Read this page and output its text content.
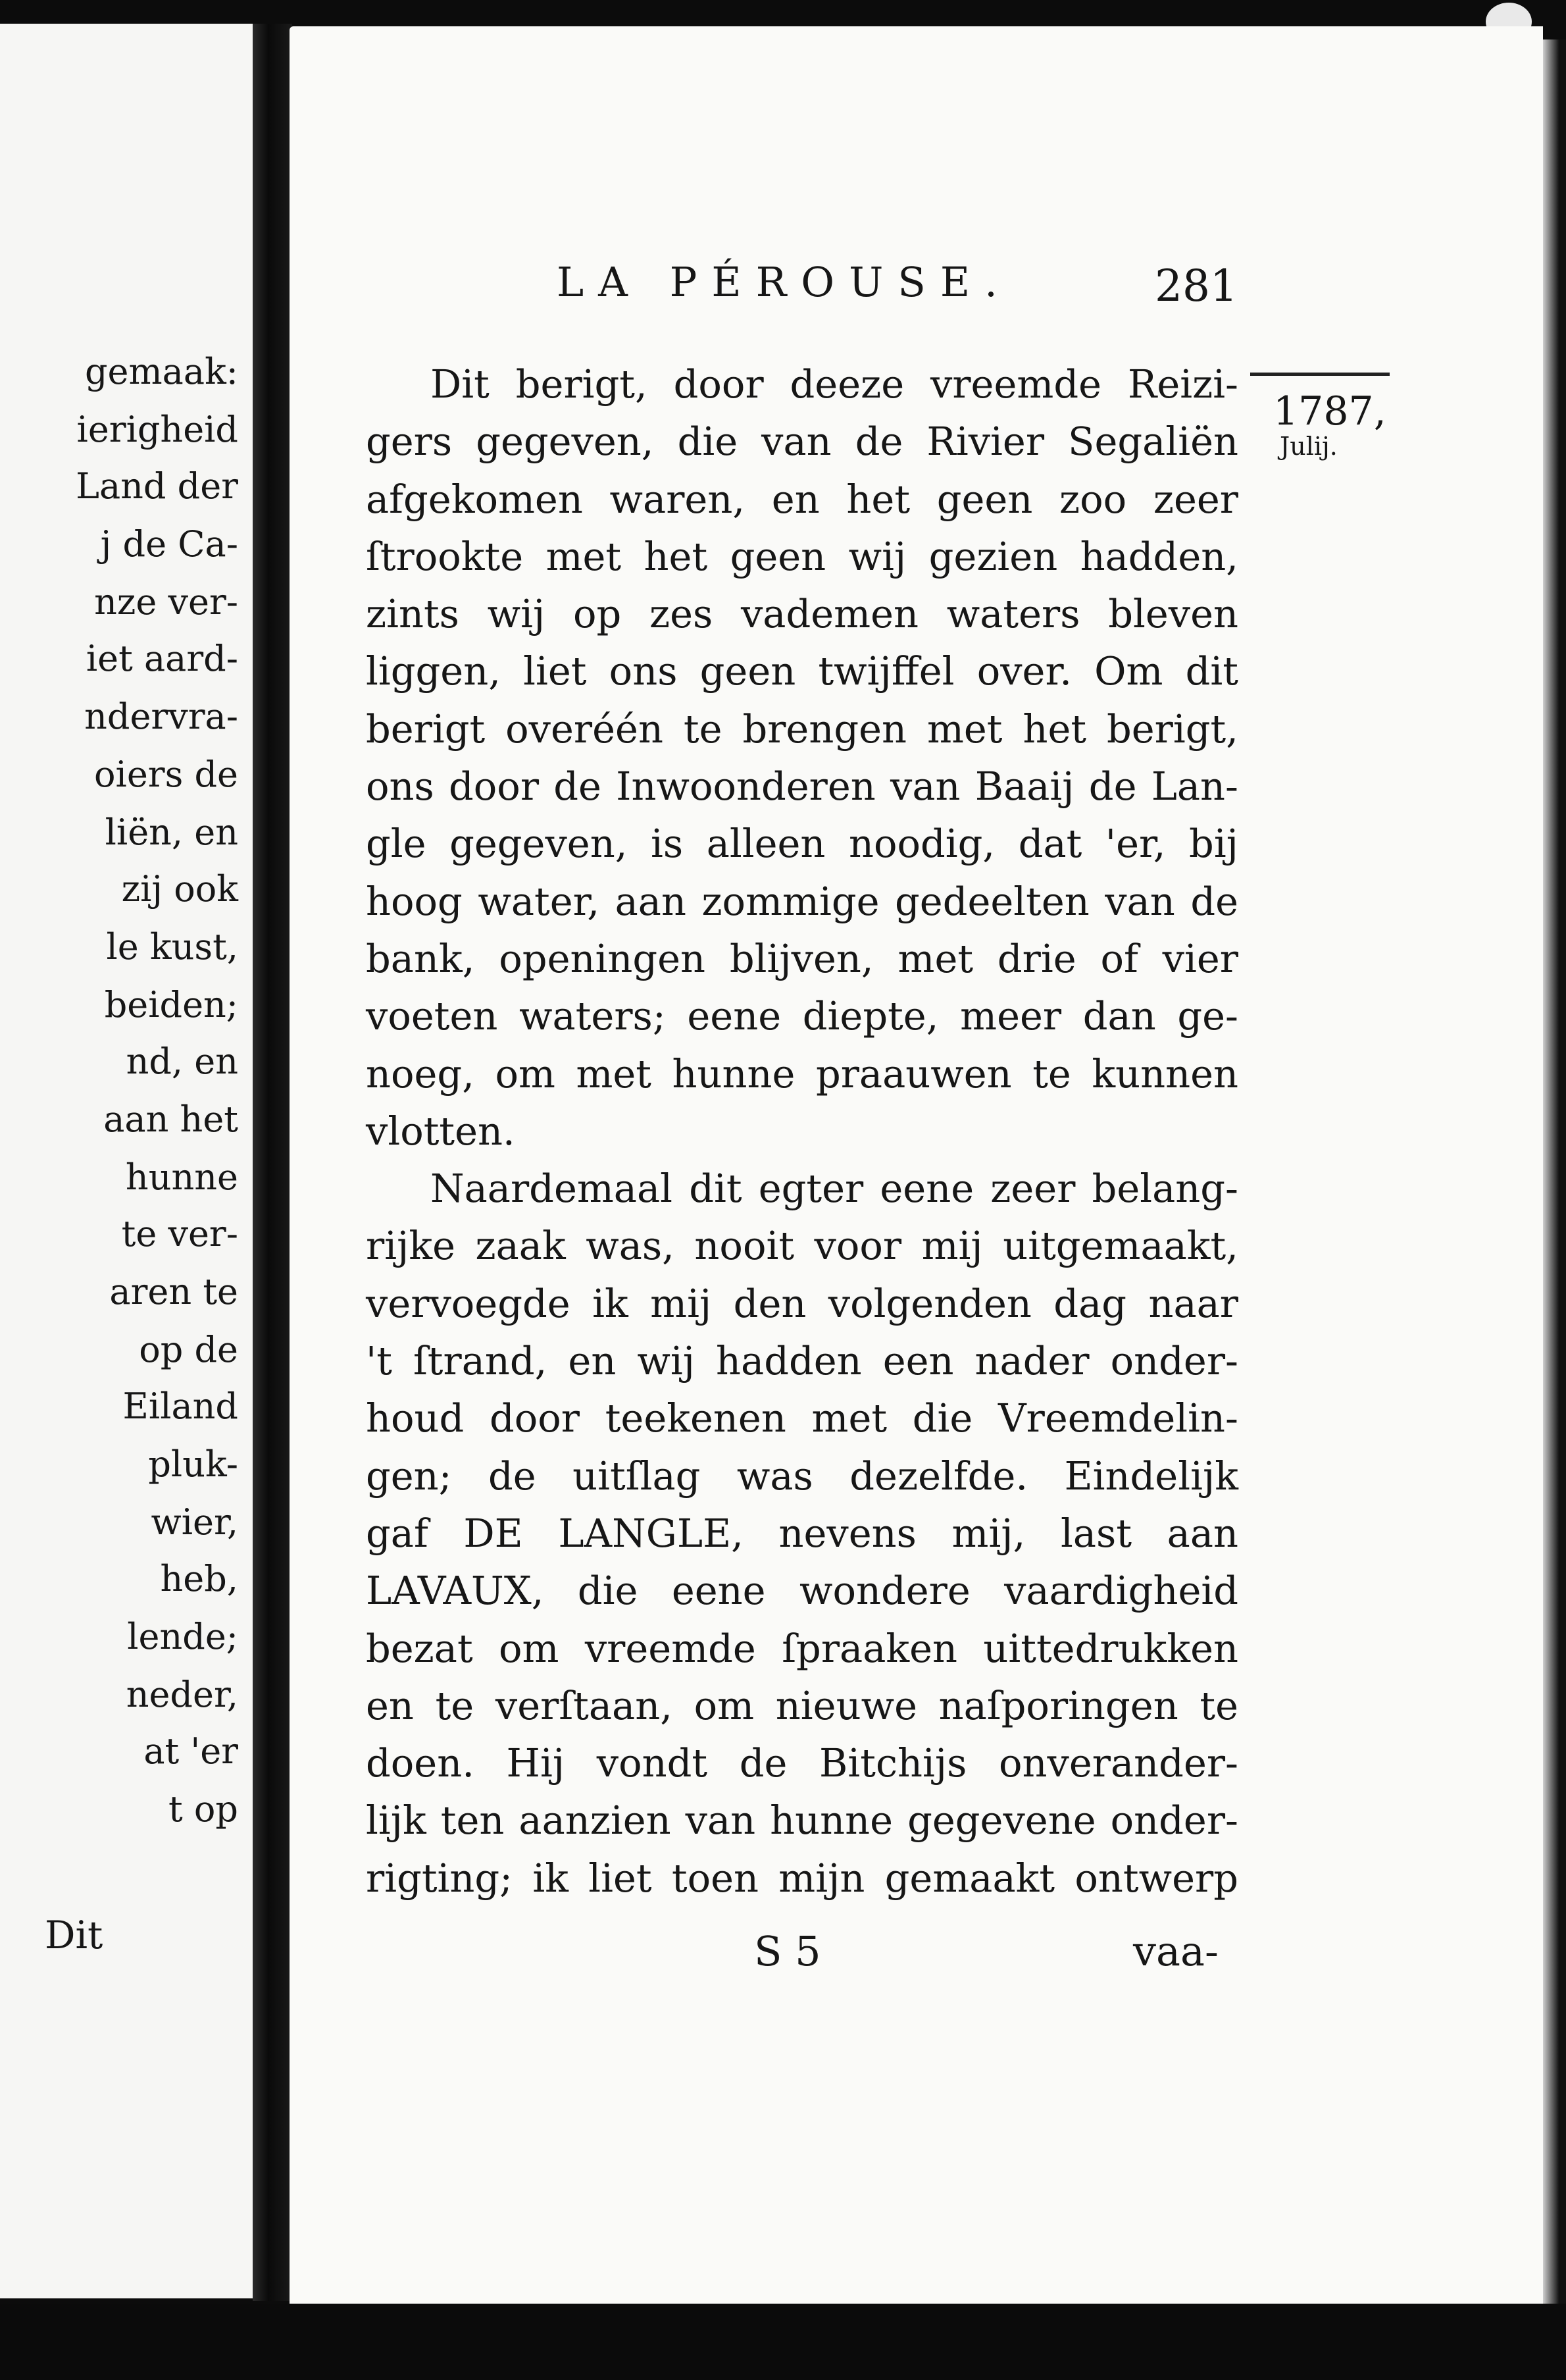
gemaak:
ierigheid
Land der
j de Ca-
nze ver-
iet aard-
ndervra-
oiers de
liën, en
zij ook
le kust,
beiden;
nd, en
aan het
hunne
te ver-
aren te
op de
Eiland
pluk-
wier,
heb,
lende;
neder,
at 'er
t op
Dit
LA PÉROUSE.	281
1787,
Julij.
Dit berigt, door deeze vreemde Reizi-
gers gegeven, die van de Rivier Segaliën
afgekomen waren, en het geen zoo zeer
ſtrookte met het geen wij gezien hadden,
zints wij op zes vademen waters bleven
liggen, liet ons geen twijffel over. Om dit
berigt overéén te brengen met het berigt,
ons door de Inwoonderen van Baaij de Lan-
gle gegeven, is alleen noodig, dat 'er, bij
hoog water, aan zommige gedeelten van de
bank, openingen blijven, met drie of vier
voeten waters; eene diepte, meer dan ge-
noeg, om met hunne praauwen te kunnen
vlotten.
Naardemaal dit egter eene zeer belang-
rijke zaak was, nooit voor mij uitgemaakt,
vervoegde ik mij den volgenden dag naar
't ſtrand, en wij hadden een nader onder-
houd door teekenen met die Vreemdelin-
gen; de uitſlag was dezelfde. Eindelijk
gaf DE LANGLE, nevens mij, last aan
LAVAUX, die eene wondere vaardigheid
bezat om vreemde ſpraaken uittedrukken
en te verſtaan, om nieuwe naſporingen te
doen. Hij vondt de Bitchijs onverander-
lijk ten aanzien van hunne gegevene onder-
rigting; ik liet toen mijn gemaakt ontwerp
S 5	vaa-
